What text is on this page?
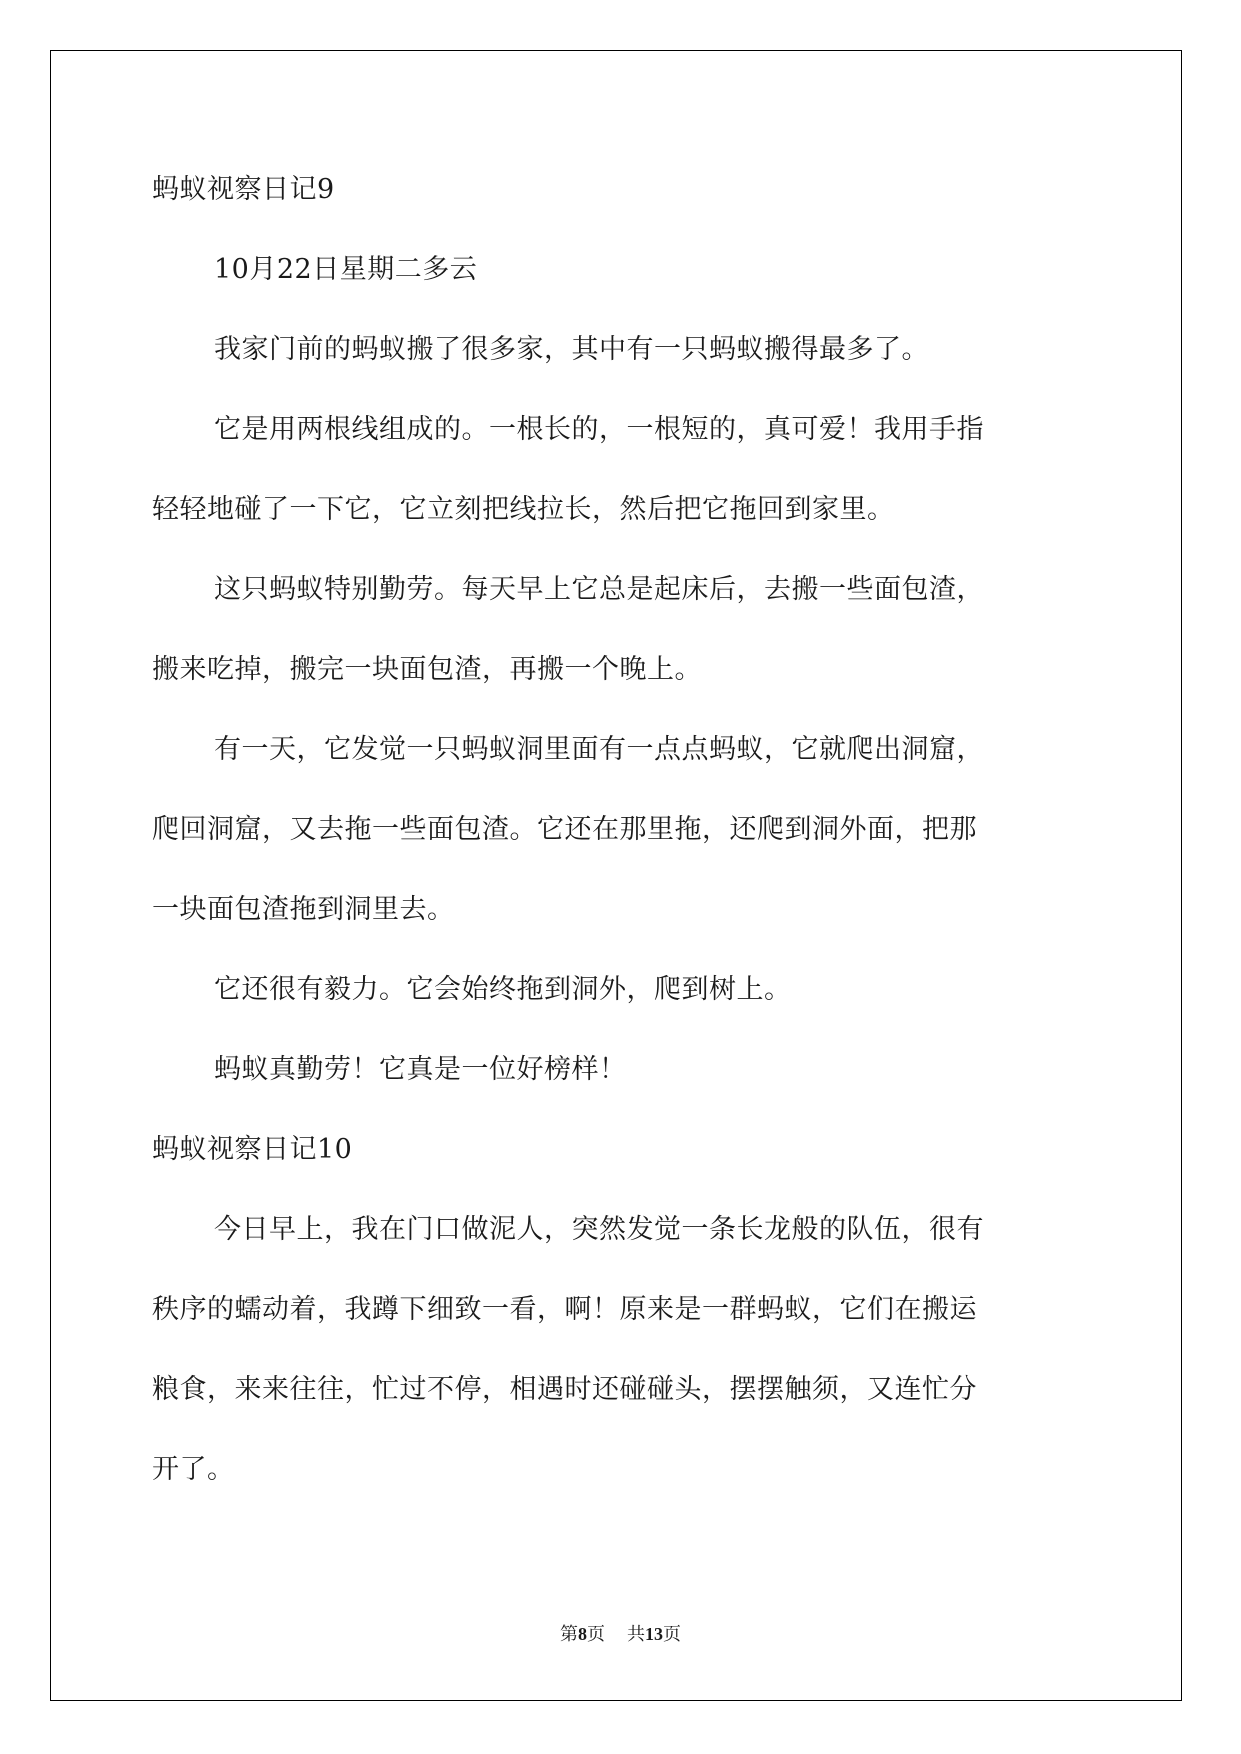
蚂蚁视察日记9
10月22日星期二多云
我家门前的蚂蚁搬了很多家，其中有一只蚂蚁搬得最多了。
它是用两根线组成的。一根长的，一根短的，真可爱！我用手指
轻轻地碰了一下它，它立刻把线拉长，然后把它拖回到家里。
这只蚂蚁特别勤劳。每天早上它总是起床后，去搬一些面包渣，
搬来吃掉，搬完一块面包渣，再搬一个晚上。
有一天，它发觉一只蚂蚁洞里面有一点点蚂蚁，它就爬出洞窟，
爬回洞窟，又去拖一些面包渣。它还在那里拖，还爬到洞外面，把那
一块面包渣拖到洞里去。
它还很有毅力。它会始终拖到洞外，爬到树上。
蚂蚁真勤劳！它真是一位好榜样！
蚂蚁视察日记10
今日早上，我在门口做泥人，突然发觉一条长龙般的队伍，很有
秩序的蠕动着，我蹲下细致一看，啊！原来是一群蚂蚁，它们在搬运
粮食，来来往往，忙过不停，相遇时还碰碰头，摆摆触须，又连忙分
开了。
第8页 共13页
